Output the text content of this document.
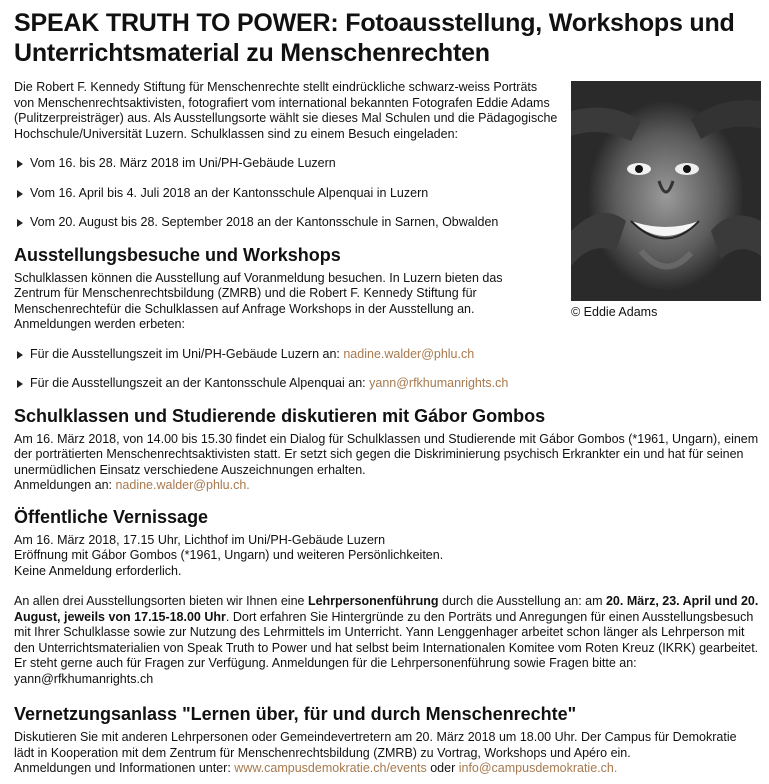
SPEAK TRUTH TO POWER: Fotoausstellung, Workshops und Unterrichtsmaterial zu Menschenrechten

Die Robert F. Kennedy Stiftung für Menschenrechte stellt eindrückliche schwarz-weiss Porträts von Menschenrechtsaktivisten, fotografiert vom international bekannten Fotografen Eddie Adams (Pulitzerpreisträger) aus. Als Ausstellungsorte wählt sie dieses Mal Schulen und die Pädagogische Hochschule/Universität Luzern. Schulklassen sind zu einem Besuch eingeladen:

Vom 16. bis 28. März 2018 im Uni/PH-Gebäude Luzern
Vom 16. April bis 4. Juli 2018 an der Kantonsschule Alpenquai in Luzern
Vom 20. August bis 28. September 2018 an der Kantonsschule in Sarnen, Obwalden
Ausstellungsbesuche und Workshops

Schulklassen können die Ausstellung auf Voranmeldung besuchen. In Luzern bieten das Zentrum für Menschenrechtsbildung (ZMRB) und die Robert F. Kennedy Stiftung für Menschenrechtefür die Schulklassen auf Anfrage Workshops in der Ausstellung an. Anmeldungen werden erbeten:

Für die Ausstellungszeit im Uni/PH-Gebäude Luzern an: nadine.walder@phlu.ch
Für die Ausstellungszeit an der Kantonsschule Alpenquai an: yann@rfkhumanrights.ch
Schulklassen und Studierende diskutieren mit Gábor Gombos

Am 16. März 2018, von 14.00 bis 15.30 findet ein Dialog für Schulklassen und Studierende mit Gábor Gombos (*1961, Ungarn), einem der porträtierten Menschenrechtsaktivisten statt. Er setzt sich gegen die Diskriminierung psychisch Erkrankter ein und hat für seinen unermüdlichen Einsatz verschiedene Auszeichnungen erhalten.
Anmeldungen an: nadine.walder@phlu.ch.

Öffentliche Vernissage

Am 16. März 2018, 17.15 Uhr, Lichthof im Uni/PH-Gebäude Luzern
Eröffnung mit Gábor Gombos (*1961, Ungarn) und weiteren Persönlichkeiten.
Keine Anmeldung erforderlich.

An allen drei Ausstellungsorten bieten wir Ihnen eine Lehrpersonenführung durch die Ausstellung an: am 20. März, 23. April und 20. August, jeweils von 17.15-18.00 Uhr. Dort erfahren Sie Hintergründe zu den Porträts und Anregungen für einen Ausstellungsbesuch mit Ihrer Schulklasse sowie zur Nutzung des Lehrmittels im Unterricht. Yann Lenggenhager arbeitet schon länger als Lehrperson mit den Unterrichtsmaterialien von Speak Truth to Power und hat selbst beim Internationalen Komitee vom Roten Kreuz (IKRK) gearbeitet. Er steht gerne auch für Fragen zur Verfügung. Anmeldungen für die Lehrpersonenführung sowie Fragen bitte an: yann@rfkhumanrights.ch

Vernetzungsanlass "Lernen über, für und durch Menschenrechte"

Diskutieren Sie mit anderen Lehrpersonen oder Gemeindevertretern am 20. März 2018 um 18.00 Uhr. Der Campus für Demokratie lädt in Kooperation mit dem Zentrum für Menschenrechtsbildung (ZMRB) zu Vortrag, Workshops und Apéro ein.
Anmeldungen und Informationen unter: www.campusdemokratie.ch/events oder info@campusdemokratie.ch.

© Eddie Adams
